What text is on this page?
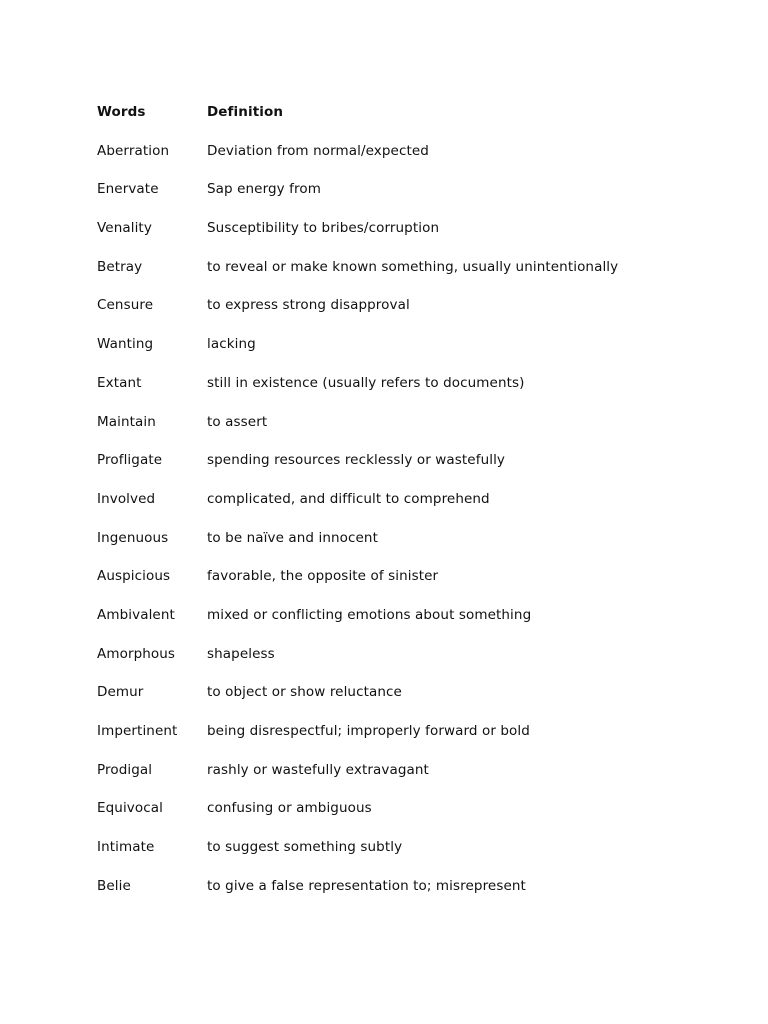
Words	Definition
Aberration	Deviation from normal/expected
Enervate	Sap energy from
Venality	Susceptibility to bribes/corruption
Betray	to reveal or make known something, usually unintentionally
Censure	to express strong disapproval
Wanting	lacking
Extant	still in existence (usually refers to documents)
Maintain	to assert
Profligate	spending resources recklessly or wastefully
Involved	complicated, and difficult to comprehend
Ingenuous	to be naïve and innocent
Auspicious	favorable, the opposite of sinister
Ambivalent	mixed or conflicting emotions about something
Amorphous	shapeless
Demur	to object or show reluctance
Impertinent	being disrespectful; improperly forward or bold
Prodigal	rashly or wastefully extravagant
Equivocal	confusing or ambiguous
Intimate	to suggest something subtly
Belie	to give a false representation to; misrepresent
